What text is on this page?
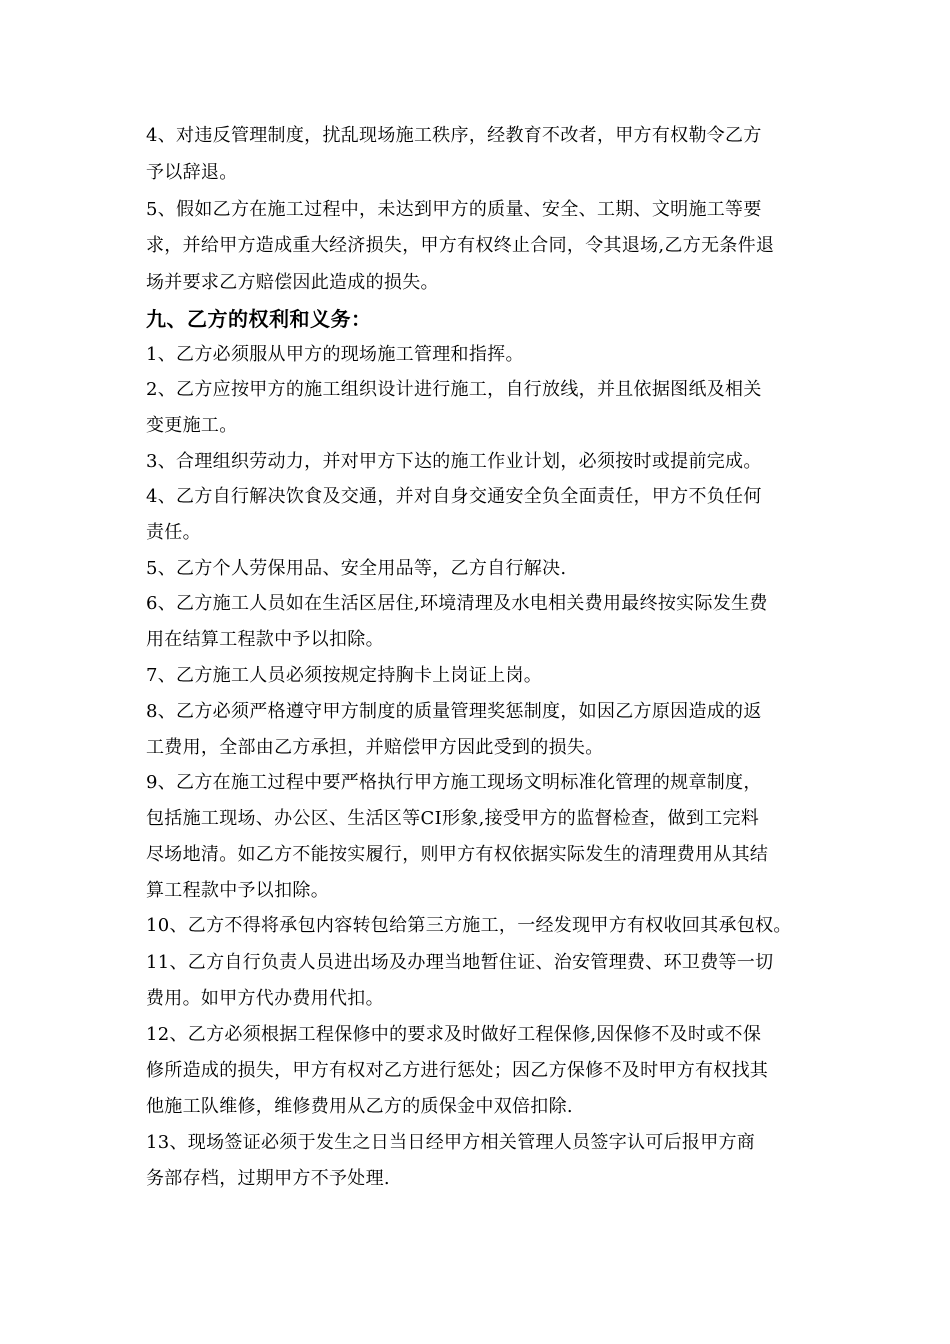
4、对违反管理制度，扰乱现场施工秩序，经教育不改者，甲方有权勒令乙方
予以辞退。
5、假如乙方在施工过程中，未达到甲方的质量、安全、工期、文明施工等要
求，并给甲方造成重大经济损失，甲方有权终止合同，令其退场,乙方无条件退
场并要求乙方赔偿因此造成的损失。
九、乙方的权利和义务：
1、乙方必须服从甲方的现场施工管理和指挥。
2、乙方应按甲方的施工组织设计进行施工，自行放线，并且依据图纸及相关
变更施工。
3、合理组织劳动力，并对甲方下达的施工作业计划，必须按时或提前完成。
4、乙方自行解决饮食及交通，并对自身交通安全负全面责任，甲方不负任何
责任。
5、乙方个人劳保用品、安全用品等，乙方自行解决.
6、乙方施工人员如在生活区居住,环境清理及水电相关费用最终按实际发生费
用在结算工程款中予以扣除。
7、乙方施工人员必须按规定持胸卡上岗证上岗。
8、乙方必须严格遵守甲方制度的质量管理奖惩制度，如因乙方原因造成的返
工费用，全部由乙方承担，并赔偿甲方因此受到的损失。
9、乙方在施工过程中要严格执行甲方施工现场文明标准化管理的规章制度，
包括施工现场、办公区、生活区等CI形象,接受甲方的监督检查，做到工完料
尽场地清。如乙方不能按实履行，则甲方有权依据实际发生的清理费用从其结
算工程款中予以扣除。
10、乙方不得将承包内容转包给第三方施工，一经发现甲方有权收回其承包权。
11、乙方自行负责人员进出场及办理当地暂住证、治安管理费、环卫费等一切
费用。如甲方代办费用代扣。
12、乙方必须根据工程保修中的要求及时做好工程保修,因保修不及时或不保
修所造成的损失，甲方有权对乙方进行惩处；因乙方保修不及时甲方有权找其
他施工队维修，维修费用从乙方的质保金中双倍扣除.
13、现场签证必须于发生之日当日经甲方相关管理人员签字认可后报甲方商
务部存档，过期甲方不予处理.
